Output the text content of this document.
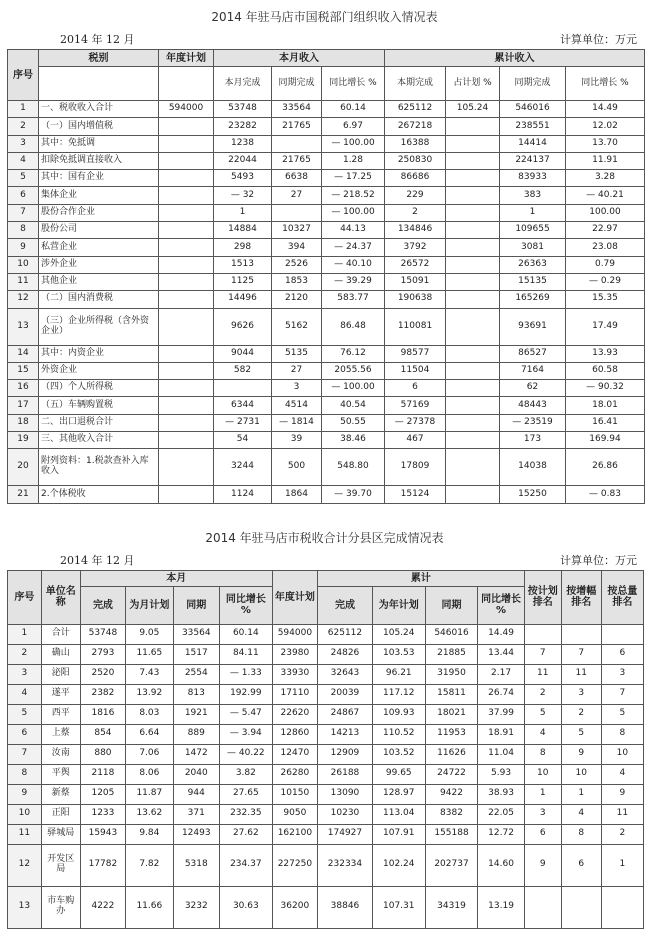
2014 年驻马店市国税部门组织收入情况表
2014 年 12 月	计算单位：万元
序号	税别	年度计划	本月收入			累计收入			
			本月完成	同期完成	同比增长 %	本期完成	占计划 %	同期完成	同比增长 %
1	一、税收收入合计	594000	53748	33564	60.14	625112	105.24	546016	14.49
2	（一）国内增值税		23282	21765	6.97	267218		238551	12.02
3	其中：免抵调		1238		— 100.00	16388		14414	13.70
4	扣除免抵调直接收入		22044	21765	1.28	250830		224137	11.91
5	其中：国有企业		5493	6638	— 17.25	86686		83933	3.28
6	集体企业		— 32	27	— 218.52	229		383	— 40.21
7	股份合作企业		1		— 100.00	2		1	100.00
8	股份公司		14884	10327	44.13	134846		109655	22.97
9	私营企业		298	394	— 24.37	3792		3081	23.08
10	涉外企业		1513	2526	— 40.10	26572		26363	0.79
11	其他企业		1125	1853	— 39.29	15091		15135	— 0.29
12	（二）国内消费税		14496	2120	583.77	190638		165269	15.35
13	（三）企业所得税（含外资企业）		9626	5162	86.48	110081		93691	17.49
14	其中：内资企业		9044	5135	76.12	98577		86527	13.93
15	外资企业		582	27	2055.56	11504		7164	60.58
16	（四）个人所得税			3	— 100.00	6		62	— 90.32
17	（五）车辆购置税		6344	4514	40.54	57169		48443	18.01
18	二、出口退税合计		— 2731	— 1814	50.55	— 27378		— 23519	16.41
19	三、其他收入合计		54	39	38.46	467		173	169.94
20	附列资料：1.税款查补入库收入		3244	500	548.80	17809		14038	26.86
21	2.个体税收		1124	1864	— 39.70	15124		15250	— 0.83
2014 年驻马店市税收合计分县区完成情况表
2014 年 12 月	计算单位：万元
序号	单位名称	本月				年度计划	累计				按计划排名	按增幅排名	按总量排名
		完成	为月计划	同期	同比增长 %		完成	为年计划	同期	同比增长 %			
1	合计	53748	9.05	33564	60.14	594000	625112	105.24	546016	14.49			
2	确山	2793	11.65	1517	84.11	23980	24826	103.53	21885	13.44	7	7	6
3	泌阳	2520	7.43	2554	— 1.33	33930	32643	96.21	31950	2.17	11	11	3
4	遂平	2382	13.92	813	192.99	17110	20039	117.12	15811	26.74	2	3	7
5	西平	1816	8.03	1921	— 5.47	22620	24867	109.93	18021	37.99	5	2	5
6	上蔡	854	6.64	889	— 3.94	12860	14213	110.52	11953	18.91	4	5	8
7	汝南	880	7.06	1472	— 40.22	12470	12909	103.52	11626	11.04	8	9	10
8	平舆	2118	8.06	2040	3.82	26280	26188	99.65	24722	5.93	10	10	4
9	新蔡	1205	11.87	944	27.65	10150	13090	128.97	9422	38.93	1	1	9
10	正阳	1233	13.62	371	232.35	9050	10230	113.04	8382	22.05	3	4	11
11	驿城局	15943	9.84	12493	27.62	162100	174927	107.91	155188	12.72	6	8	2
12	开发区局	17782	7.82	5318	234.37	227250	232334	102.24	202737	14.60	9	6	1
13	市车购办	4222	11.66	3232	30.63	36200	38846	107.31	34319	13.19			
